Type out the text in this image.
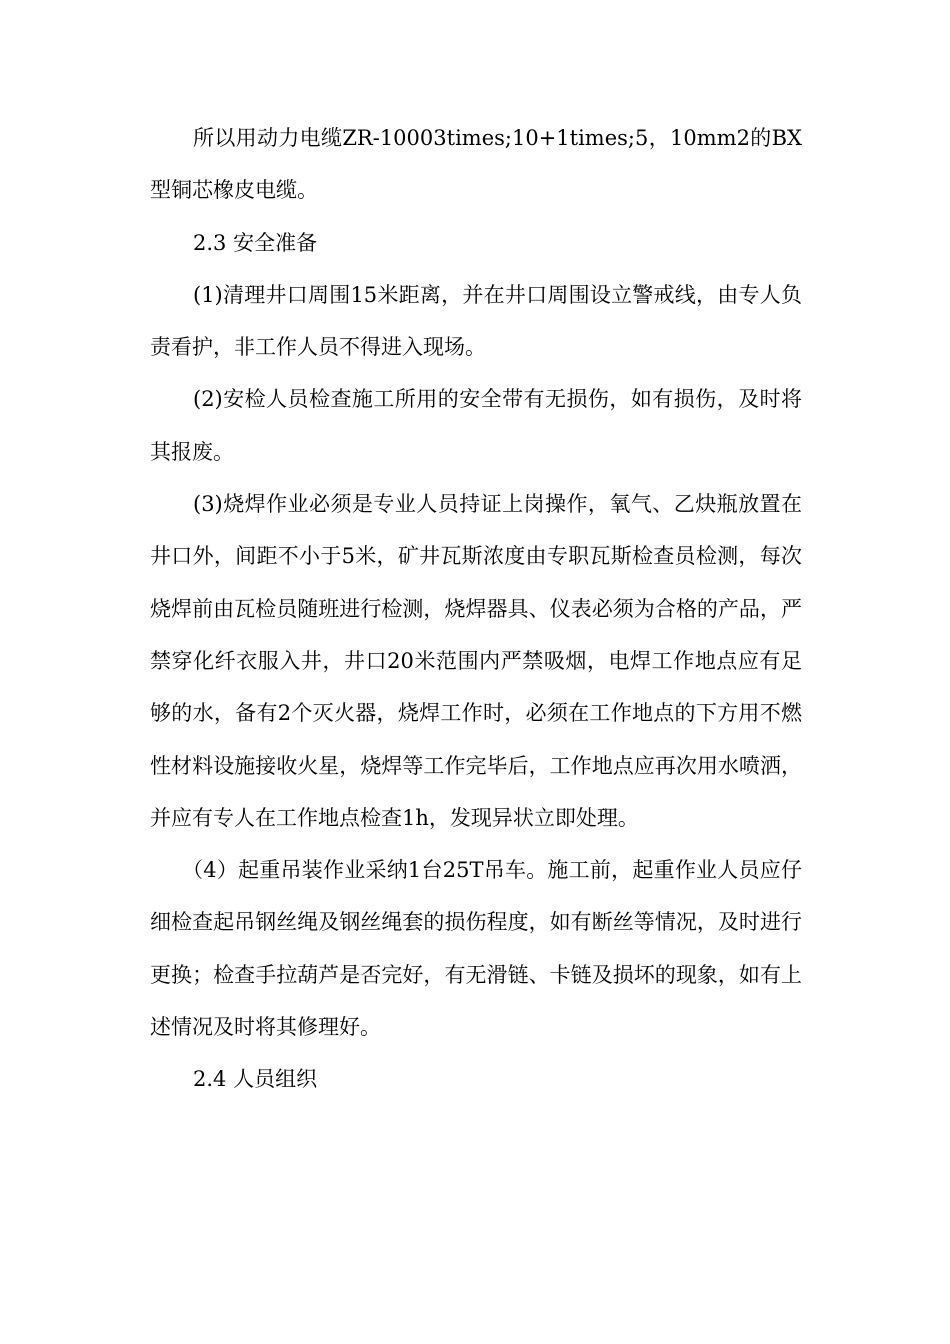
所以用动力电缆ZR-10003times;10+1times;5，10mm2的BX型铜芯橡皮电缆。

2.3 安全准备

(1)清理井口周围15米距离，并在井口周围设立警戒线，由专人负责看护，非工作人员不得进入现场。

(2)安检人员检查施工所用的安全带有无损伤，如有损伤，及时将其报废。

(3)烧焊作业必须是专业人员持证上岗操作，氧气、乙炔瓶放置在井口外，间距不小于5米，矿井瓦斯浓度由专职瓦斯检查员检测，每次烧焊前由瓦检员随班进行检测，烧焊器具、仪表必须为合格的产品，严禁穿化纤衣服入井，井口20米范围内严禁吸烟，电焊工作地点应有足够的水，备有2个灭火器，烧焊工作时，必须在工作地点的下方用不燃性材料设施接收火星，烧焊等工作完毕后，工作地点应再次用水喷洒，并应有专人在工作地点检查1h，发现异状立即处理。

（4）起重吊装作业采纳1台25T吊车。施工前，起重作业人员应仔细检查起吊钢丝绳及钢丝绳套的损伤程度，如有断丝等情况，及时进行更换；检查手拉葫芦是否完好，有无滑链、卡链及损坏的现象，如有上述情况及时将其修理好。

2.4 人员组织
